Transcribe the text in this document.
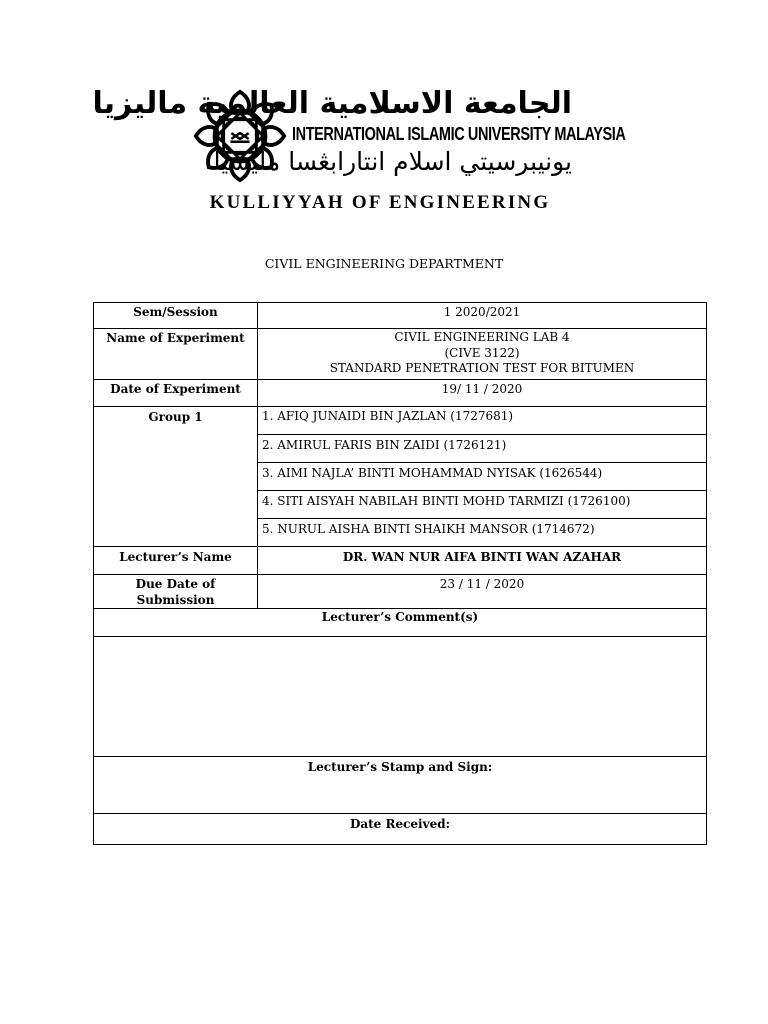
الجامعة الاسلامية العالمية ماليزيا
INTERNATIONAL ISLAMIC UNIVERSITY MALAYSIA
يونيبرسيتي اسلام انتارابڠسا مليسيا
KULLIYYAH OF ENGINEERING
CIVIL ENGINEERING DEPARTMENT
Sem/Session	1 2020/2021
Name of Experiment	CIVIL ENGINEERING LAB 4
(CIVE 3122)
STANDARD PENETRATION TEST FOR BITUMEN

Date of Experiment	19/ 11 / 2020
Group 1	1. AFIQ JUNAIDI BIN JAZLAN (1727681)
	2. AMIRUL FARIS BIN ZAIDI (1726121)
	3. AIMI NAJLA’ BINTI MOHAMMAD NYISAK (1626544)
	4. SITI AISYAH NABILAH BINTI MOHD TARMIZI (1726100)
	5. NURUL AISHA BINTI SHAIKH MANSOR (1714672)
Lecturer’s Name	DR. WAN NUR AIFA BINTI WAN AZAHAR
Due Date of Submission	23 / 11 / 2020
Lecturer’s Comment(s)	

Lecturer’s Stamp and Sign:	
Date Received:	
